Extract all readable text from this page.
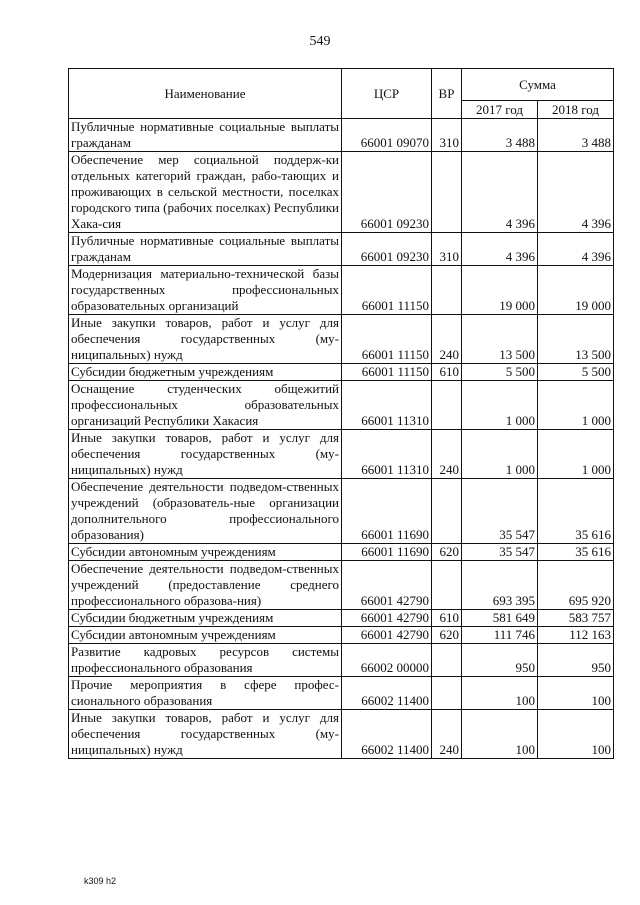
549
Наименование	ЦСР	ВР	Сумма	
			2017 год	2018 год
Публичные нормативные социальные выплаты гражданам	66001 09070	310	3 488	3 488
Обеспечение мер социальной поддерж-ки отдельных категорий граждан, рабо-тающих и проживающих в сельской местности, поселках городского типа (рабочих поселках) Республики Хака-сия	66001 09230		4 396	4 396
Публичные нормативные социальные выплаты гражданам	66001 09230	310	4 396	4 396
Модернизация материально-технической базы государственных профессиональных образовательных организаций	66001 11150		19 000	19 000
Иные закупки товаров, работ и услуг для обеспечения государственных (му-ниципальных) нужд	66001 11150	240	13 500	13 500
Субсидии бюджетным учреждениям	66001 11150	610	5 500	5 500
Оснащение студенческих общежитий профессиональных образовательных организаций Республики Хакасия	66001 11310		1 000	1 000
Иные закупки товаров, работ и услуг для обеспечения государственных (му-ниципальных) нужд	66001 11310	240	1 000	1 000
Обеспечение деятельности подведом-ственных учреждений (образователь-ные организации дополнительного профессионального образования)	66001 11690		35 547	35 616
Субсидии автономным учреждениям	66001 11690	620	35 547	35 616
Обеспечение деятельности подведом-ственных учреждений (предоставление среднего профессионального образова-ния)	66001 42790		693 395	695 920
Субсидии бюджетным учреждениям	66001 42790	610	581 649	583 757
Субсидии автономным учреждениям	66001 42790	620	111 746	112 163
Развитие кадровых ресурсов системы профессионального образования	66002 00000		950	950
Прочие мероприятия в сфере профес-сионального образования	66002 11400		100	100
Иные закупки товаров, работ и услуг для обеспечения государственных (му-ниципальных) нужд	66002 11400	240	100	100
k309 h2
